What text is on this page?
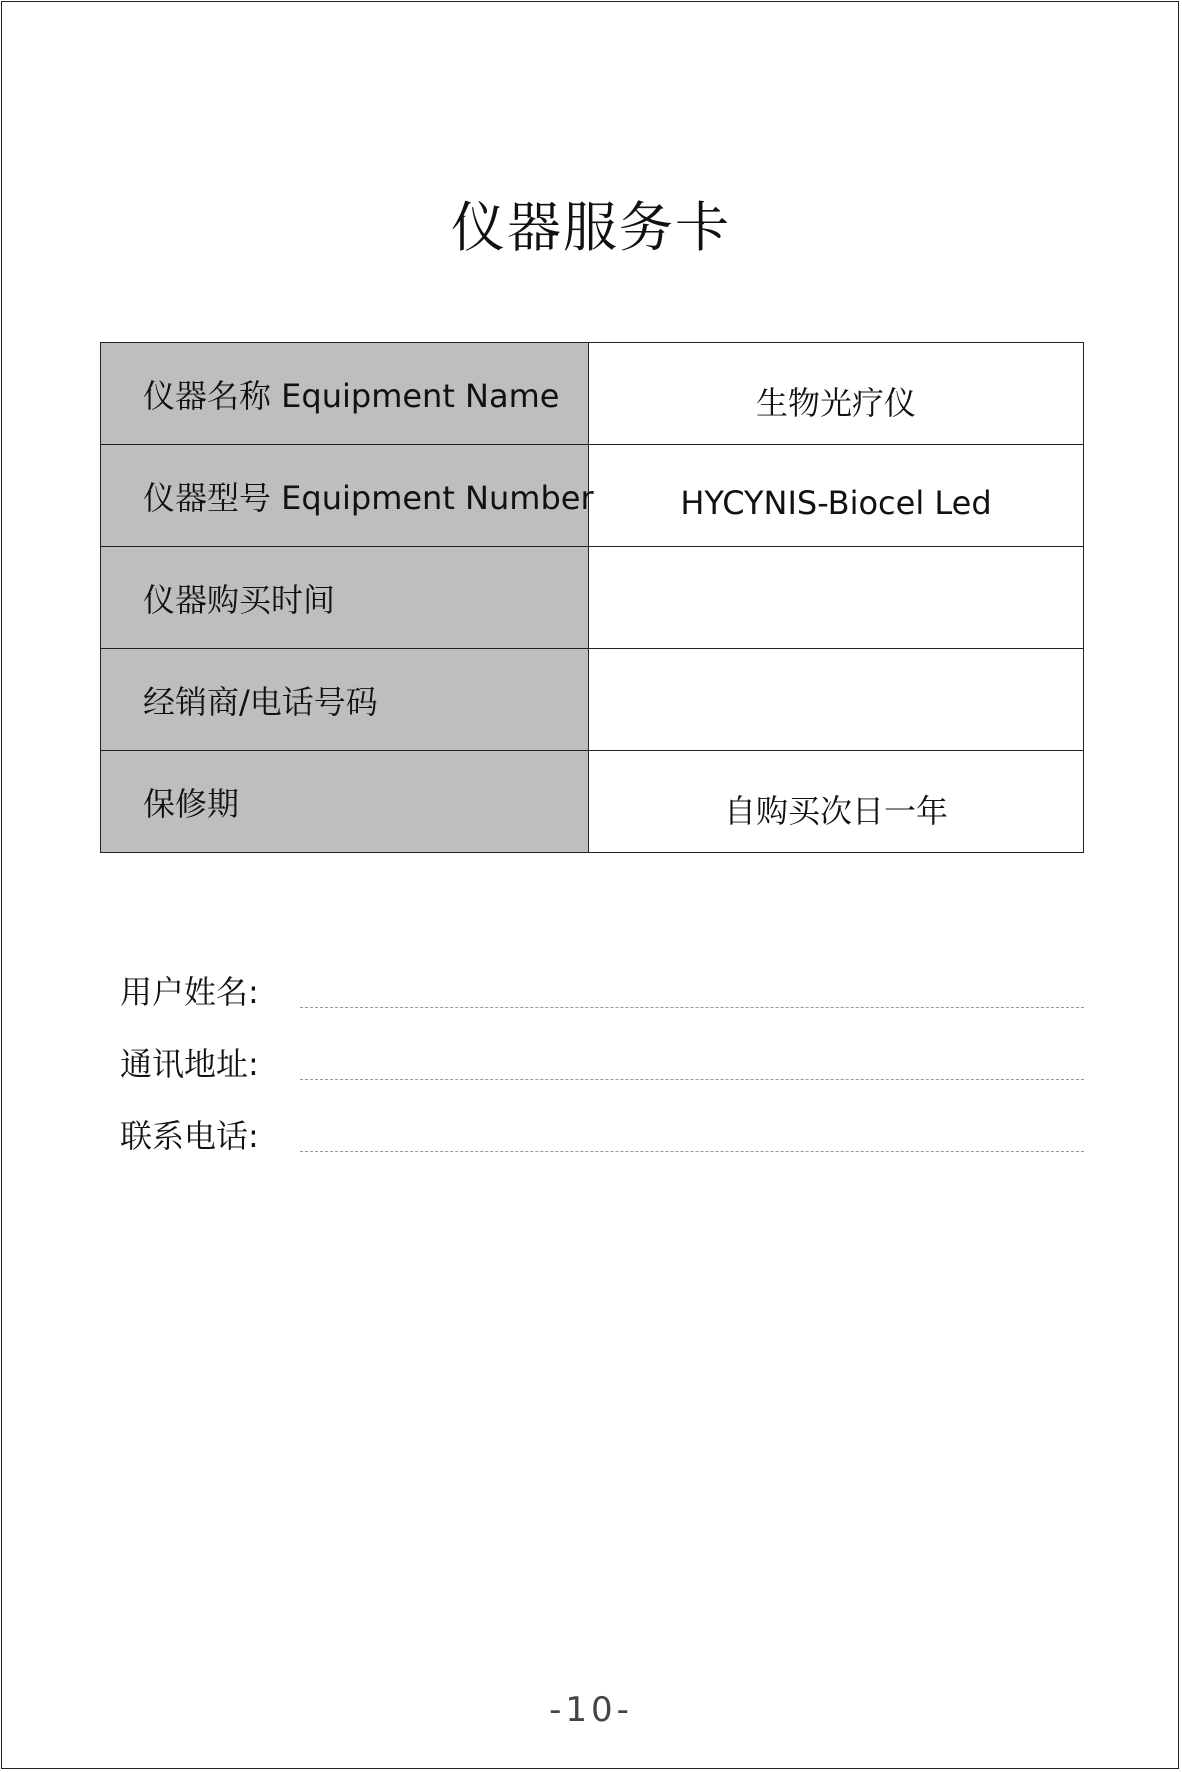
仪器服务卡
仪器名称 Equipment Name	生物光疗仪
仪器型号 Equipment Number	HYCYNIS-Biocel Led
仪器购买时间	
经销商/电话号码	
保修期	自购买次日一年
用户姓名:
通讯地址:
联系电话:
-10-
